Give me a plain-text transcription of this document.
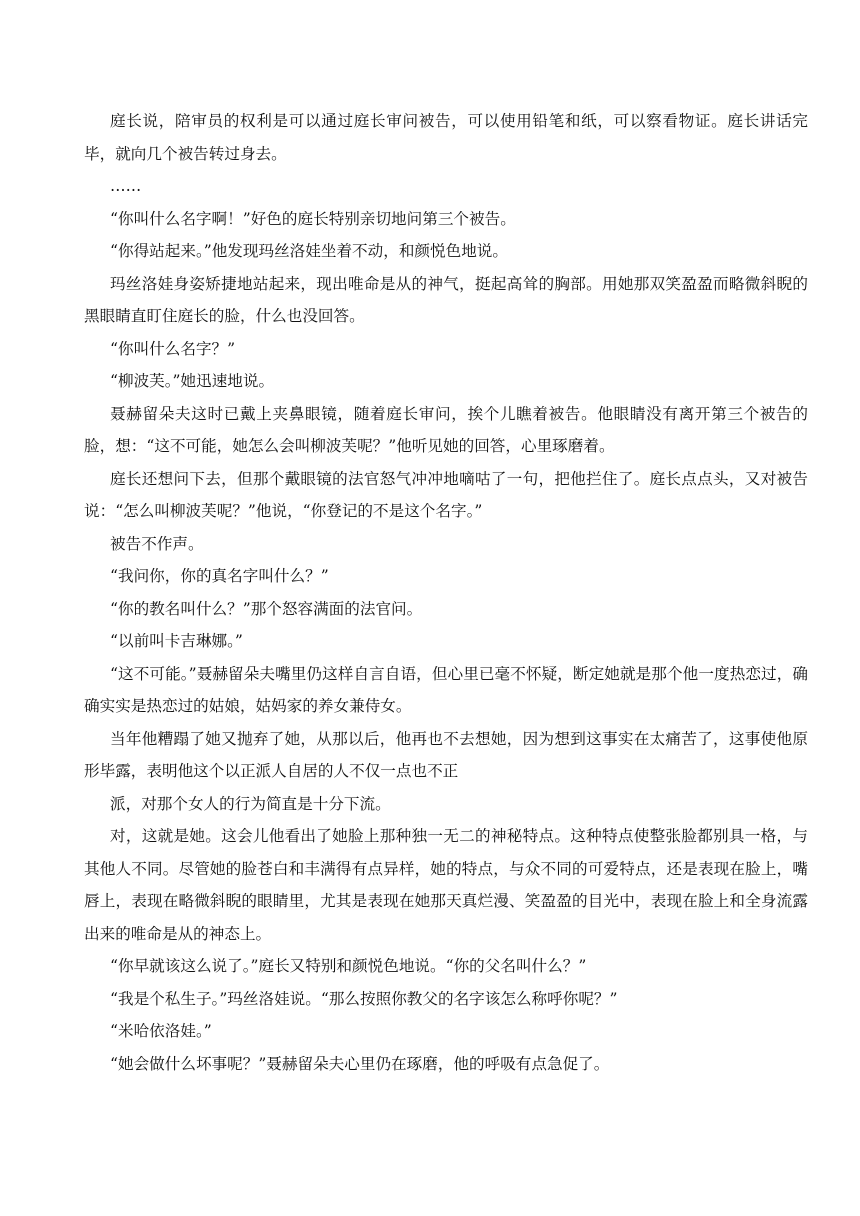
庭长说，陪审员的权利是可以通过庭长审问被告，可以使用铅笔和纸，可以察看物证。庭长讲话完毕，就向几个被告转过身去。

……

“你叫什么名字啊！”好色的庭长特别亲切地问第三个被告。

“你得站起来。”他发现玛丝洛娃坐着不动，和颜悦色地说。

玛丝洛娃身姿矫捷地站起来，现出唯命是从的神气，挺起高耸的胸部。用她那双笑盈盈而略微斜睨的黑眼睛直盯住庭长的脸，什么也没回答。

“你叫什么名字？”

“柳波芙。”她迅速地说。

聂赫留朵夫这时已戴上夹鼻眼镜，随着庭长审问，挨个儿瞧着被告。他眼睛没有离开第三个被告的脸，想：“这不可能，她怎么会叫柳波芙呢？”他听见她的回答，心里琢磨着。

庭长还想问下去，但那个戴眼镜的法官怒气冲冲地嘀咕了一句，把他拦住了。庭长点点头，又对被告说：“怎么叫柳波芙呢？”他说，“你登记的不是这个名字。”

被告不作声。

“我问你，你的真名字叫什么？”

“你的教名叫什么？”那个怒容满面的法官问。

“以前叫卡吉琳娜。”

“这不可能。”聂赫留朵夫嘴里仍这样自言自语，但心里已毫不怀疑，断定她就是那个他一度热恋过，确确实实是热恋过的姑娘，姑妈家的养女兼侍女。

当年他糟蹋了她又抛弃了她，从那以后，他再也不去想她，因为想到这事实在太痛苦了，这事使他原形毕露，表明他这个以正派人自居的人不仅一点也不正

派，对那个女人的行为简直是十分下流。

对，这就是她。这会儿他看出了她脸上那种独一无二的神秘特点。这种特点使整张脸都别具一格，与其他人不同。尽管她的脸苍白和丰满得有点异样，她的特点，与众不同的可爱特点，还是表现在脸上，嘴唇上，表现在略微斜睨的眼睛里，尤其是表现在她那天真烂漫、笑盈盈的目光中，表现在脸上和全身流露出来的唯命是从的神态上。

“你早就该这么说了。”庭长又特别和颜悦色地说。“你的父名叫什么？”

“我是个私生子。”玛丝洛娃说。“那么按照你教父的名字该怎么称呼你呢？”

“米哈依洛娃。”

“她会做什么坏事呢？”聂赫留朵夫心里仍在琢磨，他的呼吸有点急促了。
